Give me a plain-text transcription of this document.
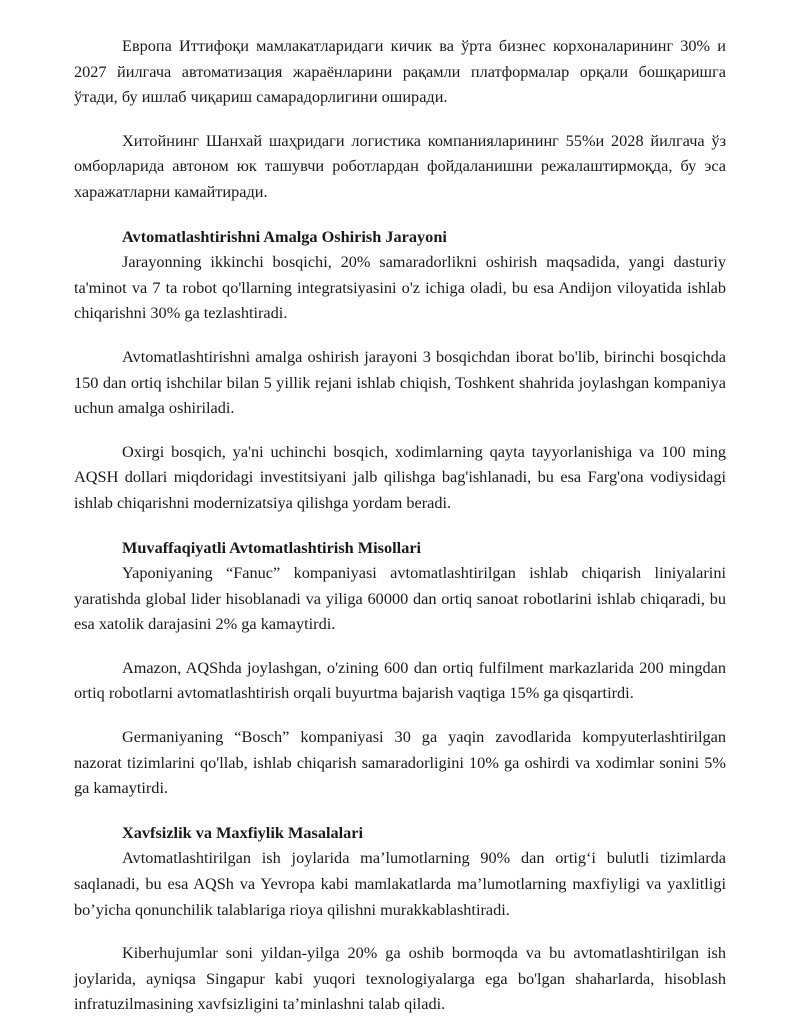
Европа Иттифоқи мамлакатларидаги кичик ва ўрта бизнес корхоналарининг 30% и 2027 йилгача автоматизация жараёнларини рақамли платформалар орқали бошқаришга ўтади, бу ишлаб чиқариш самарадорлигини оширади.

Хитойнинг Шанхай шаҳридаги логистика компанияларининг 55%и 2028 йилгача ўз омборларида автоном юк ташувчи роботлардан фойдаланишни режалаштирмоқда, бу эса харажатларни камайтиради.

Avtomatlashtirishni Amalga Oshirish Jarayoni

Jarayonning ikkinchi bosqichi, 20% samaradorlikni oshirish maqsadida, yangi dasturiy ta'minot va 7 ta robot qo'llarning integratsiyasini o'z ichiga oladi, bu esa Andijon viloyatida ishlab chiqarishni 30% ga tezlashtiradi.

Avtomatlashtirishni amalga oshirish jarayoni 3 bosqichdan iborat bo'lib, birinchi bosqichda 150 dan ortiq ishchilar bilan 5 yillik rejani ishlab chiqish, Toshkent shahrida joylashgan kompaniya uchun amalga oshiriladi.

Oxirgi bosqich, ya'ni uchinchi bosqich, xodimlarning qayta tayyorlanishiga va 100 ming AQSH dollari miqdoridagi investitsiyani jalb qilishga bag'ishlanadi, bu esa Farg'ona vodiysidagi ishlab chiqarishni modernizatsiya qilishga yordam beradi.

Muvaffaqiyatli Avtomatlashtirish Misollari

Yaponiyaning “Fanuc” kompaniyasi avtomatlashtirilgan ishlab chiqarish liniyalarini yaratishda global lider hisoblanadi va yiliga 60000 dan ortiq sanoat robotlarini ishlab chiqaradi, bu esa xatolik darajasini 2% ga kamaytirdi.

Amazon, AQShda joylashgan, o'zining 600 dan ortiq fulfilment markazlarida 200 mingdan ortiq robotlarni avtomatlashtirish orqali buyurtma bajarish vaqtiga 15% ga qisqartirdi.

Germaniyaning “Bosch” kompaniyasi 30 ga yaqin zavodlarida kompyuterlashtirilgan nazorat tizimlarini qo'llab, ishlab chiqarish samaradorligini 10% ga oshirdi va xodimlar sonini 5% ga kamaytirdi.

Xavfsizlik va Maxfiylik Masalalari

Avtomatlashtirilgan ish joylarida ma’lumotlarning 90% dan ortig‘i bulutli tizimlarda saqlanadi, bu esa AQSh va Yevropa kabi mamlakatlarda ma’lumotlarning maxfiyligi va yaxlitligi bo’yicha qonunchilik talablariga rioya qilishni murakkablashtiradi.

Kiberhujumlar soni yildan-yilga 20% ga oshib bormoqda va bu avtomatlashtirilgan ish joylarida, ayniqsa Singapur kabi yuqori texnologiyalarga ega bo'lgan shaharlarda, hisoblash infratuzilmasining xavfsizligini ta’minlashni talab qiladi.
